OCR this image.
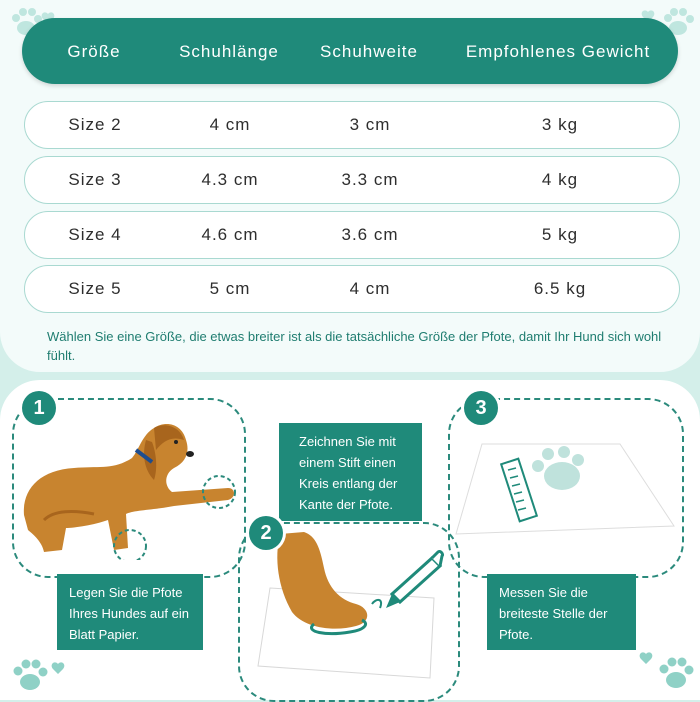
Größe	Schuhlänge	Schuhweite	Empfohlenes Gewicht
Size 2	4 cm	3 cm	3 kg
Size 3	4.3 cm	3.3 cm	4 kg
Size 4	4.6 cm	3.6 cm	5 kg
Size 5	5 cm	4 cm	6.5 kg
Wählen Sie eine Größe, die etwas breiter ist als die tatsächliche Größe der Pfote, damit Ihr Hund sich wohl fühlt.
1
Legen Sie die Pfote Ihres Hundes auf ein Blatt Papier.
Zeichnen Sie mit einem Stift einen Kreis entlang der Kante der Pfote.
2
3
Messen Sie die breiteste Stelle der Pfote.
